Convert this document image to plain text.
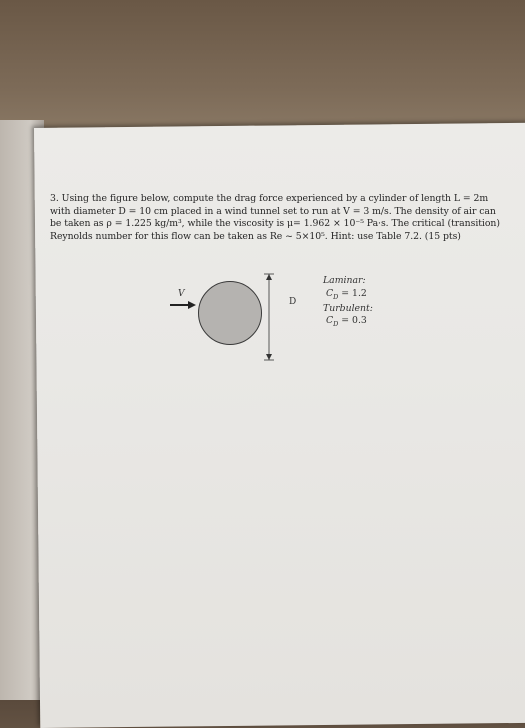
3. Using the figure below, compute the drag force experienced by a cylinder of length L = 2m
with diameter D = 10 cm placed in a wind tunnel set to run at V = 3 m/s. The density of air can
be taken as ρ = 1.225 kg/m³, while the viscosity is μ= 1.962 × 10⁻⁵ Pa·s. The critical (transition)
Reynolds number for this flow can be taken as Re ~ 5×10⁵. Hint: use Table 7.2. (15 pts)
V
D
Laminar:
$C_D = 1.2$
Turbulent:
$C_D = 0.3$
